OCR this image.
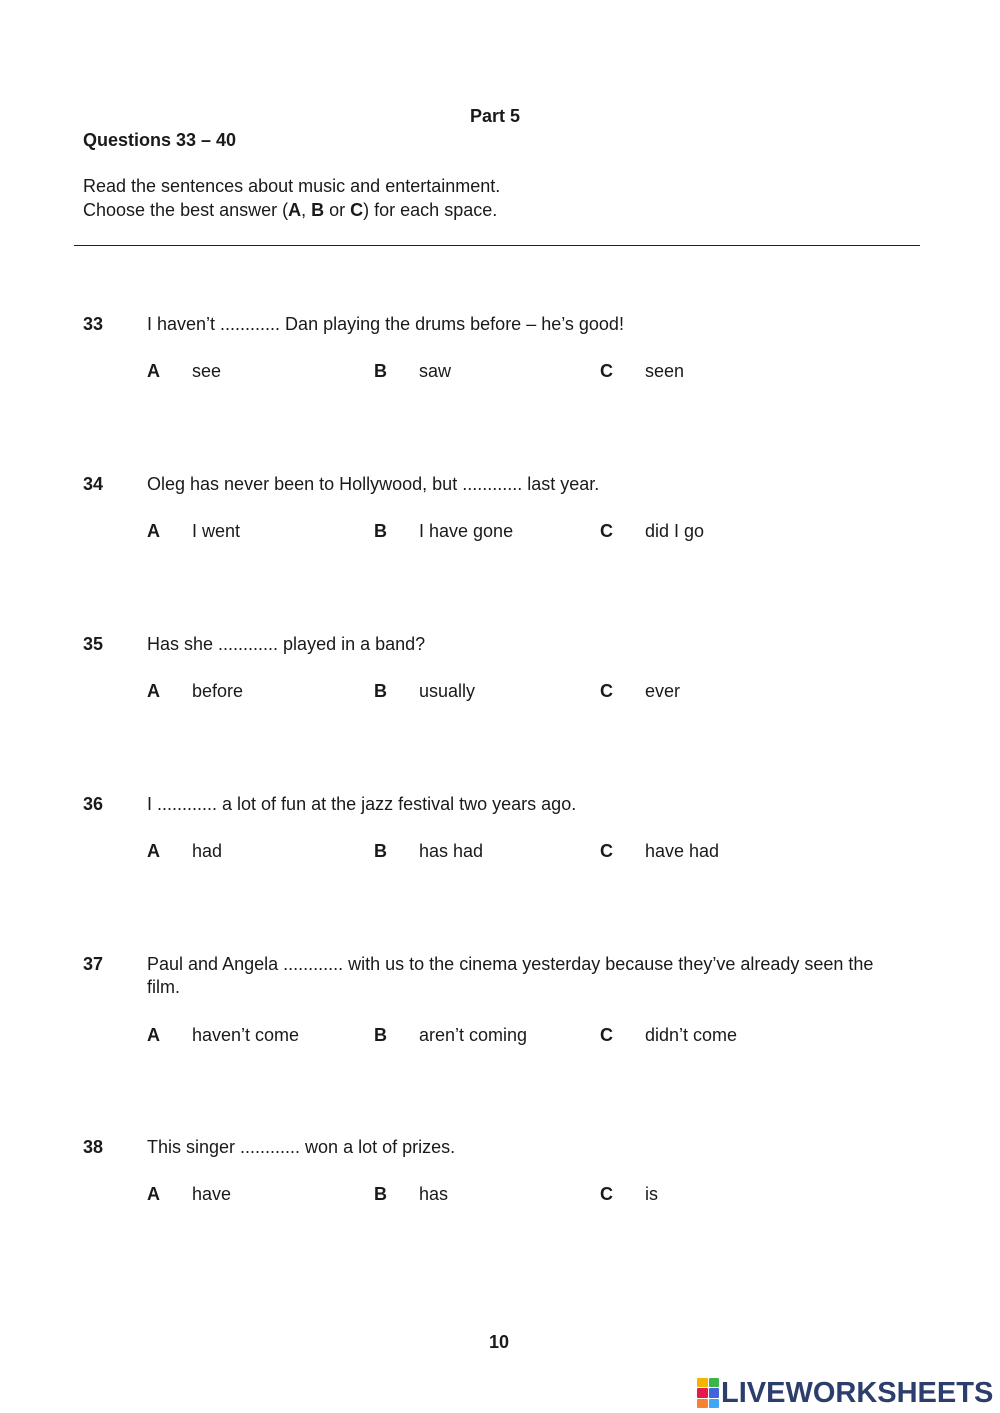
Part 5
Questions 33 – 40
Read the sentences about music and entertainment.
Choose the best answer (A, B or C) for each space.
33 I haven’t ............ Dan playing the drums before – he’s good!
A see	B saw	C seen
34 Oleg has never been to Hollywood, but ............ last year.
A I went	B I have gone	C did I go
35 Has she ............ played in a band?
A before	B usually	C ever
36 I ............ a lot of fun at the jazz festival two years ago.
A had	B has had	C have had
37 Paul and Angela ............ with us to the cinema yesterday because they’ve already seen the film.
A haven’t come	B aren’t coming	C didn’t come
38 This singer ............ won a lot of prizes.
A have	B has	C is
10
LIVEWORKSHEETS
